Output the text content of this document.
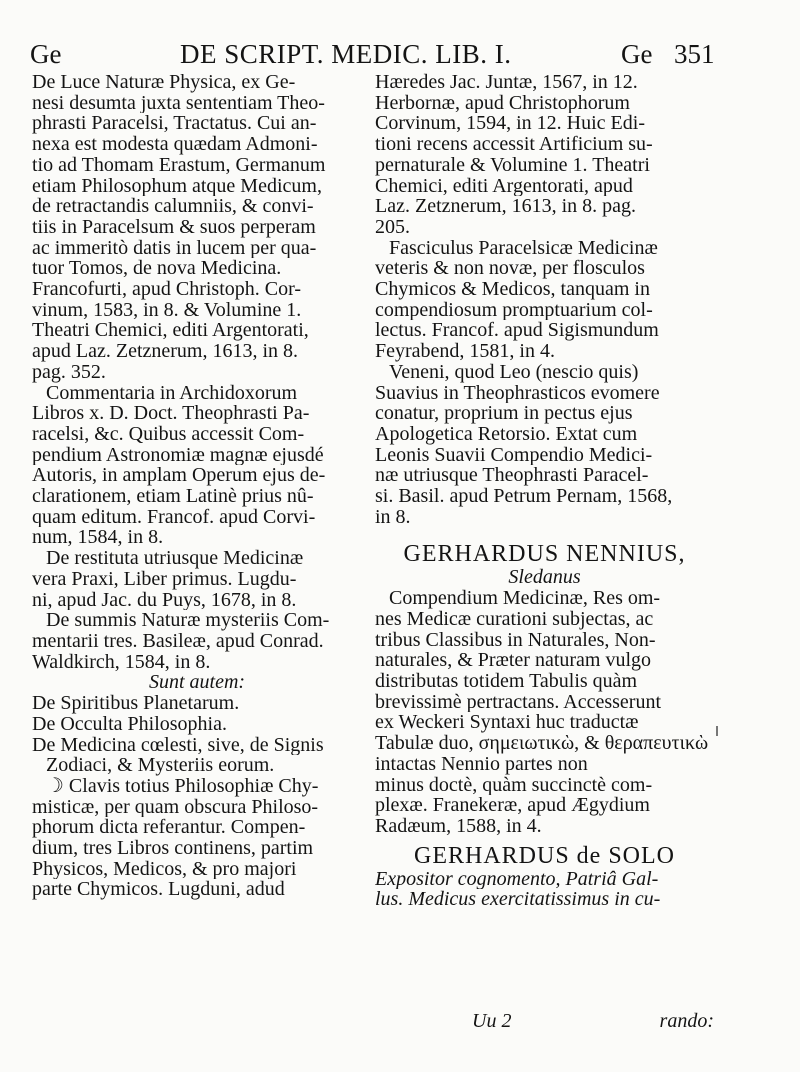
Ge	DE SCRIPT. MEDIC. LIB. I.	Ge 351

De Luce Naturæ Physica, ex Ge-
nesi desumta juxta sententiam Theo-
phrasti Paracelsi, Tractatus. Cui an-
nexa est modesta quædam Admoni-
tio ad Thomam Erastum, Germanum
etiam Philosophum atque Medicum,
de retractandis calumniis, & convi-
tiis in Paracelsum & suos perperam
ac immeritò datis in lucem per qua-
tuor Tomos, de nova Medicina.
Francofurti, apud Christoph. Cor-
vinum, 1583, in 8. & Volumine 1.
Theatri Chemici, editi Argentorati,
apud Laz. Zetznerum, 1613, in 8.
pag. 352.

Commentaria in Archidoxorum
Libros x. D. Doct. Theophrasti Pa-
racelsi, &c. Quibus accessit Com-
pendium Astronomiæ magnæ ejusdé
Autoris, in amplam Operum ejus de-
clarationem, etiam Latinè prius nû-
quam editum. Francof. apud Corvi-
num, 1584, in 8.

De restituta utriusque Medicinæ
vera Praxi, Liber primus. Lugdu-
ni, apud Jac. du Puys, 1678, in 8.

De summis Naturæ mysteriis Com-
mentarii tres. Basileæ, apud Conrad.
Waldkirch, 1584, in 8.

Sunt autem:

De Spiritibus Planetarum.
De Occulta Philosophia.
De Medicina cœlesti, sive, de Signis
Zodiaci, & Mysteriis eorum.

☽ Clavis totius Philosophiæ Chy-
misticæ, per quam obscura Philoso-
phorum dicta referantur. Compen-
dium, tres Libros continens, partim
Physicos, Medicos, & pro majori
parte Chymicos. Lugduni, adud

Hæredes Jac. Juntæ, 1567, in 12.
Herbornæ, apud Christophorum
Corvinum, 1594, in 12. Huic Edi-
tioni recens accessit Artificium su-
pernaturale & Volumine 1. Theatri
Chemici, editi Argentorati, apud
Laz. Zetznerum, 1613, in 8. pag.
205.

Fasciculus Paracelsicæ Medicinæ
veteris & non novæ, per flosculos
Chymicos & Medicos, tanquam in
compendiosum promptuarium col-
lectus. Francof. apud Sigismundum
Feyrabend, 1581, in 4.

Veneni, quod Leo (nescio quis)
Suavius in Theophrasticos evomere
conatur, proprium in pectus ejus
Apologetica Retorsio. Extat cum
Leonis Suavii Compendio Medici-
næ utriusque Theophrasti Paracel-
si. Basil. apud Petrum Pernam, 1568,
in 8.

GERHARDUS NENNIUS,
Sledanus

Compendium Medicinæ, Res om-
nes Medicæ curationi subjectas, ac
tribus Classibus in Naturales, Non-
naturales, & Præter naturam vulgo
distributas totidem Tabulis quàm
brevissimè pertractans. Accesserunt
ex Weckeri Syntaxi huc traductæ
Tabulæ duo, σημειωτικὼ, & θεραπευτικὼ intactas Nennio partes non
minus doctè, quàm succinctè com-
plexæ. Franekeræ, apud Ægydium
Radæum, 1588, in 4.

GERHARDUS de SOLO

Expositor cognomento, Patriâ Gal-
lus. Medicus exercitatissimus in cu-

Uu 2	rando:
